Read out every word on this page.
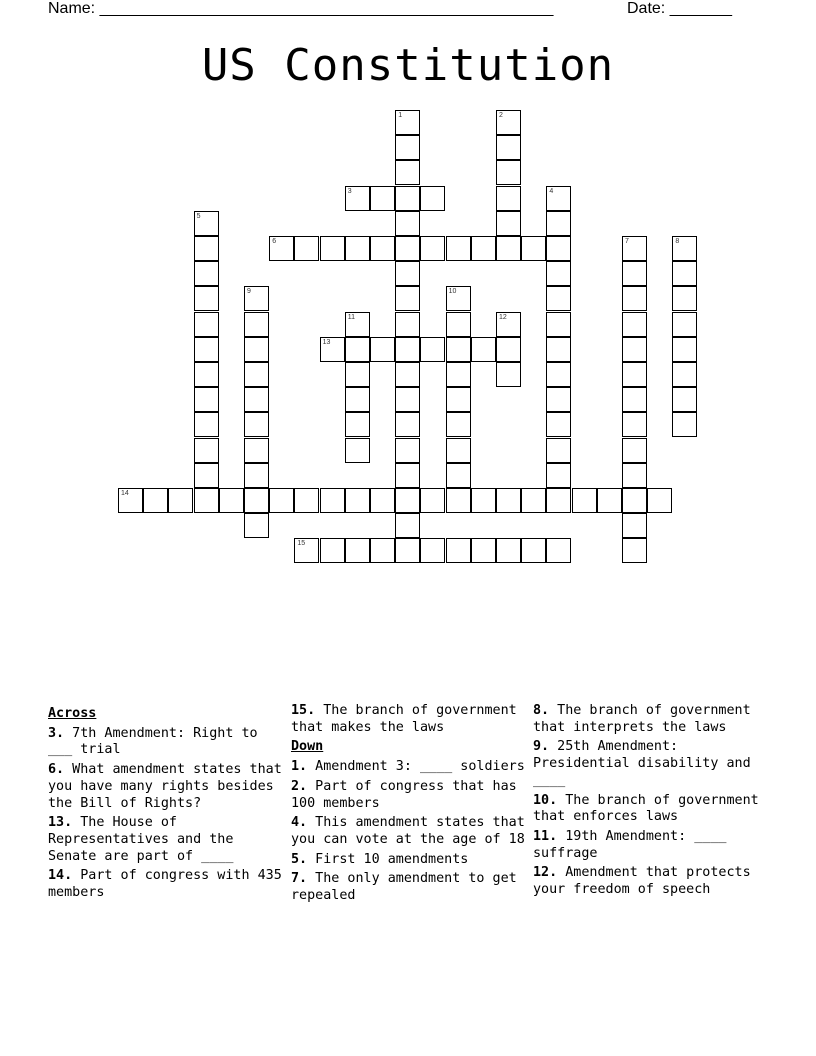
Name: ___________________________________________________	Date: _______
US Constitution
1	2
3	4
5
6	7	8
9	10
11	12
13
14
15
Across
3. 7th Amendment: Right to ___ trial
6. What amendment states that you have many rights besides the Bill of Rights?
13. The House of Representatives and the Senate are part of ____
14. Part of congress with 435 members
15. The branch of government that makes the laws
Down
1. Amendment 3: ____ soldiers
2. Part of congress that has 100 members
4. This amendment states that you can vote at the age of 18
5. First 10 amendments
7. The only amendment to get repealed
8. The branch of government that interprets the laws
9. 25th Amendment: Presidential disability and ____
10. The branch of government that enforces laws
11. 19th Amendment: ____ suffrage
12. Amendment that protects your freedom of speech
